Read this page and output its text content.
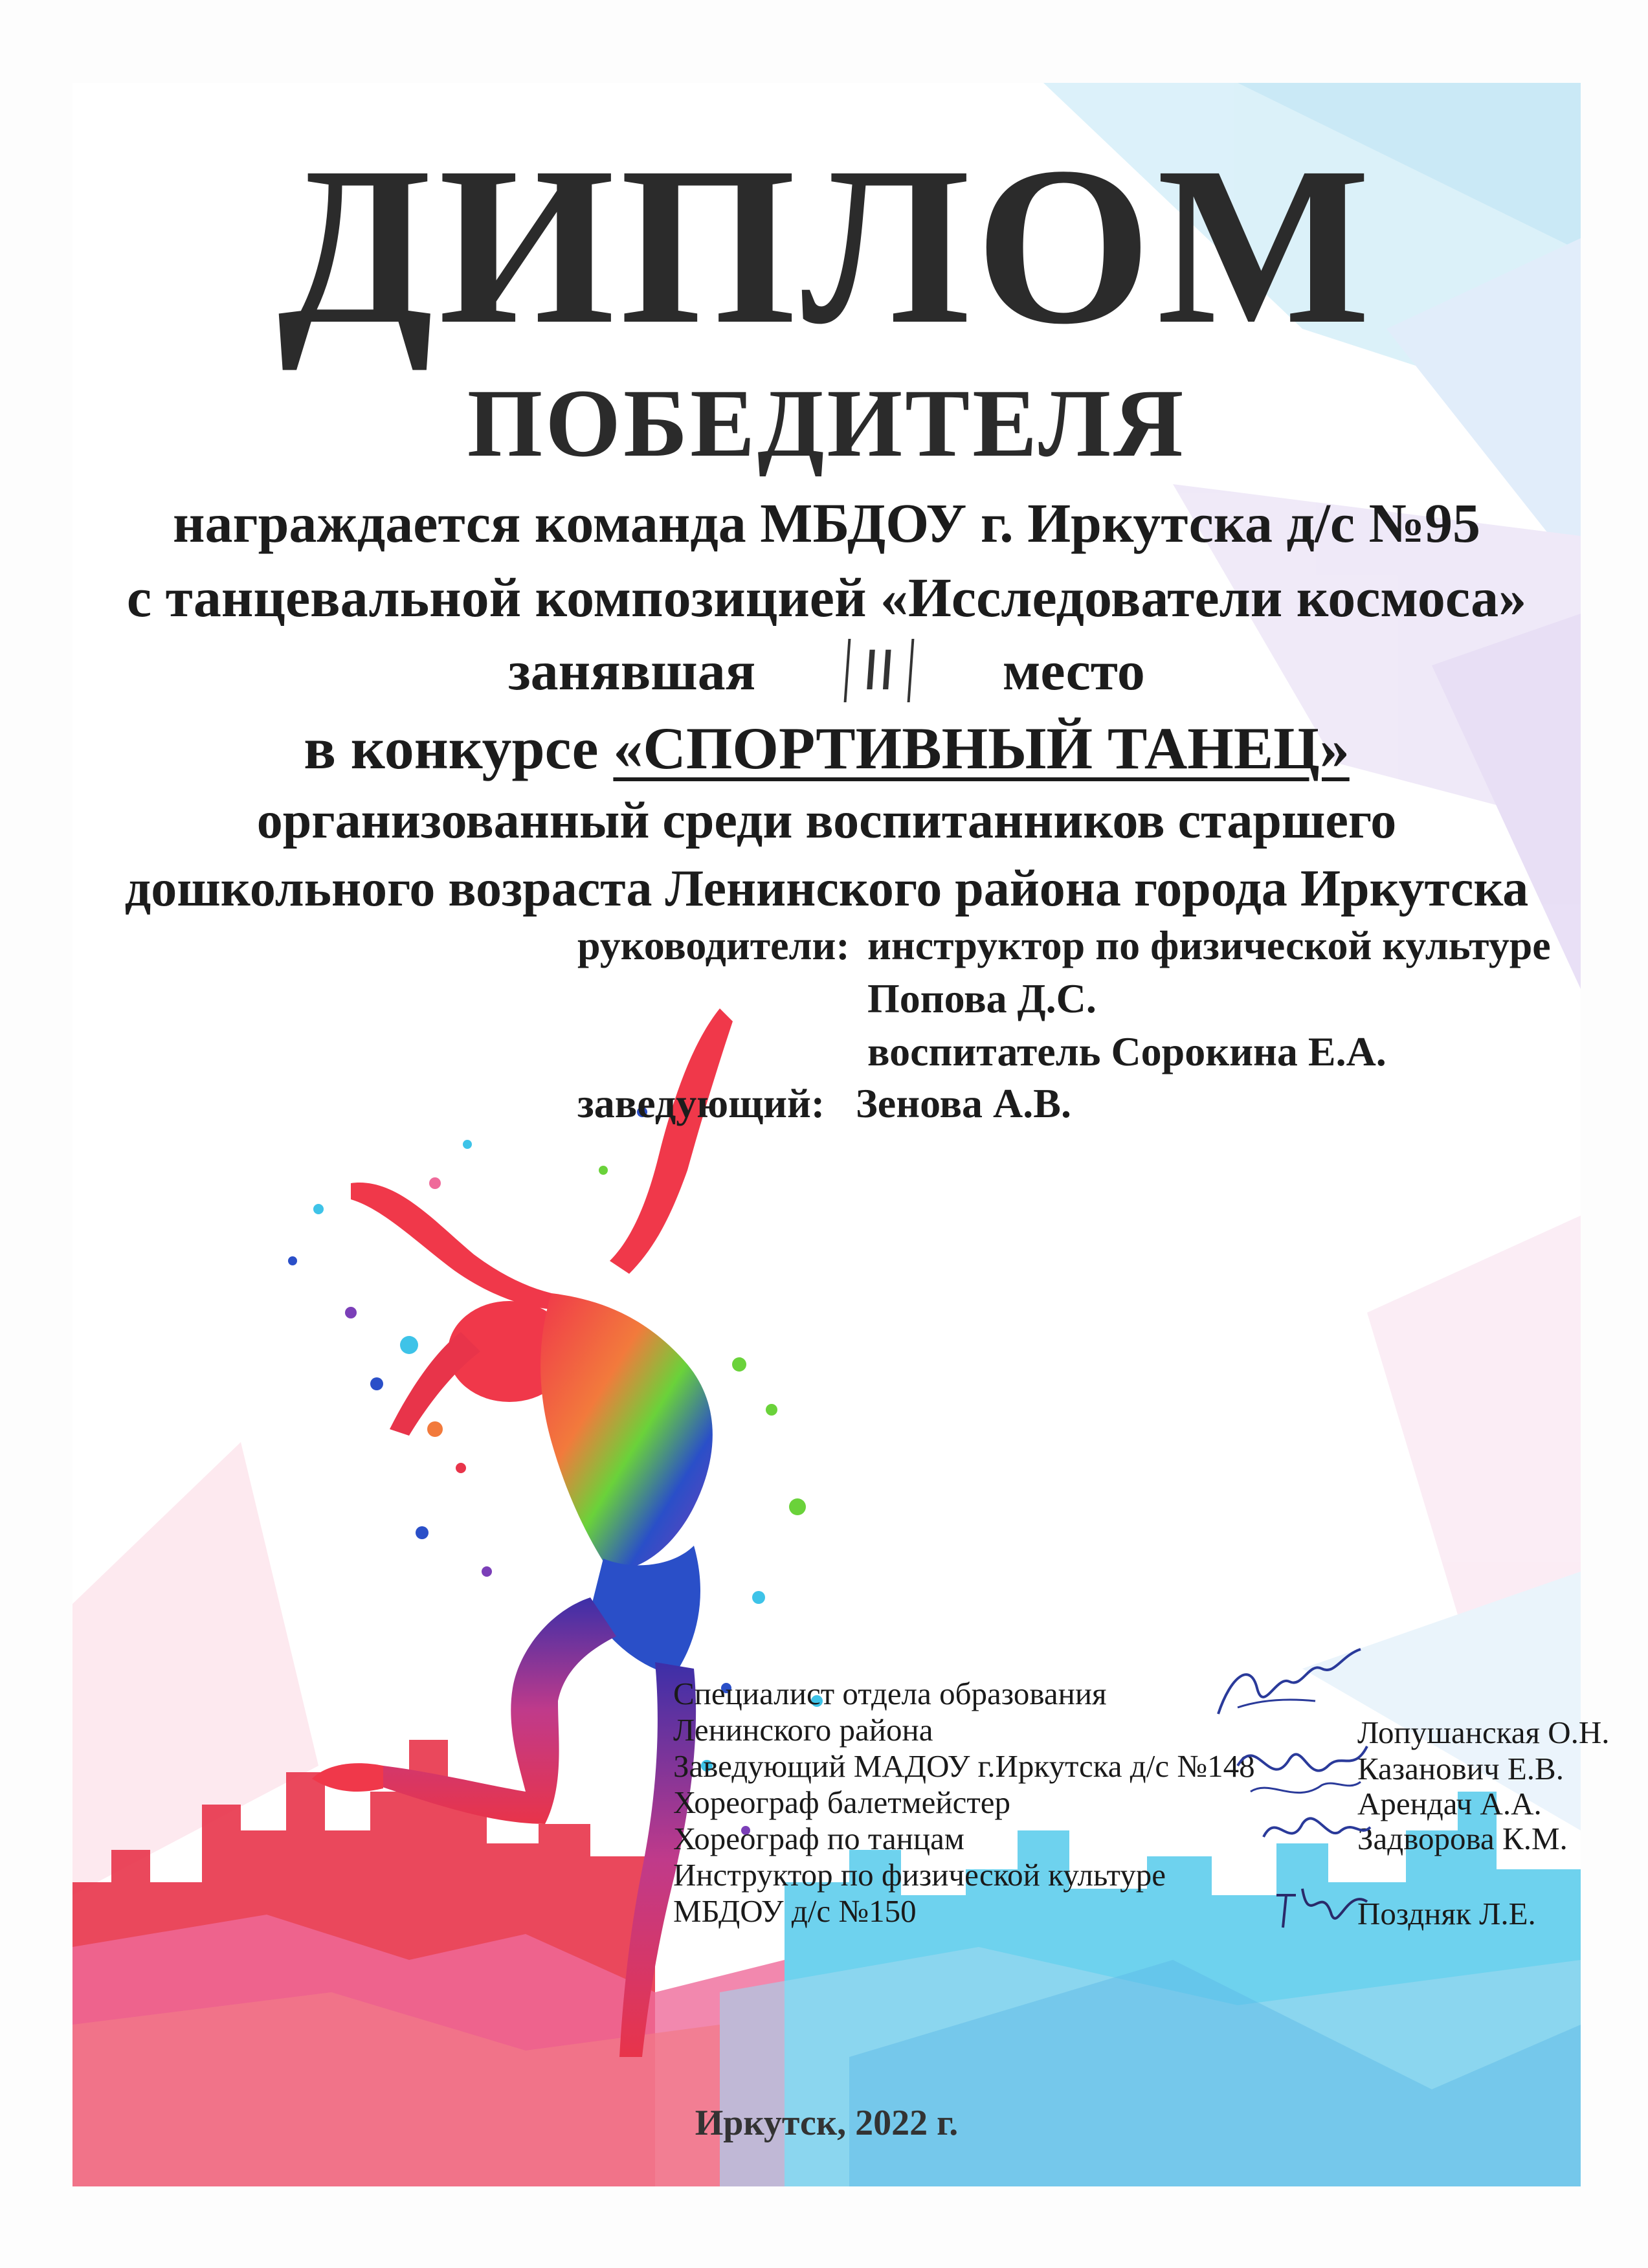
ДИПЛОМ
ПОБЕДИТЕЛЯ
награждается команда МБДОУ г. Иркутска д/с №95
с танцевальной композицией «Исследователи космоса»
занявшая II место
в конкурсе «СПОРТИВНЫЙ ТАНЕЦ»
организованный среди воспитанников старшего
дошкольного возраста Ленинского района города Иркутска
руководители: инструктор по физической культуре
Попова Д.С.
воспитатель Сорокина Е.А.
заведующий: Зенова А.В.
Специалист отдела образования
Ленинского района	Лопушанская О.Н.
Заведующий МАДОУ г.Иркутска д/с №148	Казанович Е.В.
Хореограф балетмейстер	Арендач А.А.
Хореограф по танцам	Задворова К.М.
Инструктор по физической культуре
МБДОУ д/с №150	Поздняк Л.Е.
Иркутск, 2022 г.
